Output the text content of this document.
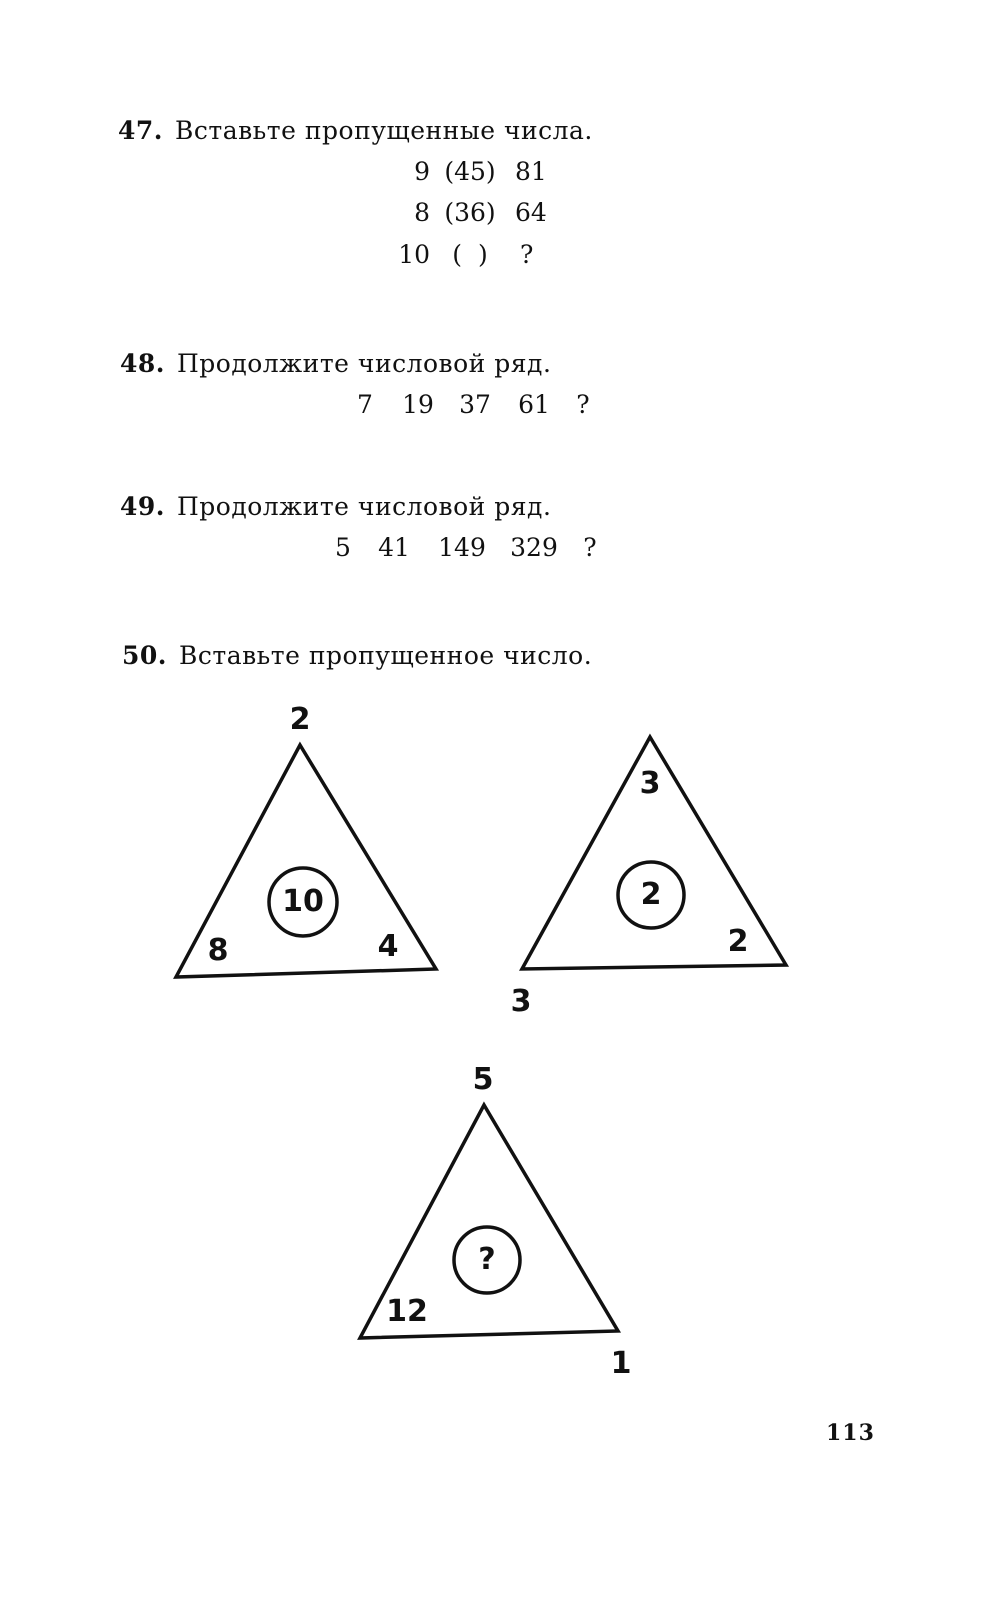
47. Вставьте пропущенные числа.
9 (45) 81
8 (36) 64
10 (  )	?
48. Продолжите числовой ряд.
7 19 37 61 ?
49. Продолжите числовой ряд.
5 41 149 329 ?
50. Вставьте пропущенное число.
2
8	4
10
3
3
2
2
5
12
1
?
113
